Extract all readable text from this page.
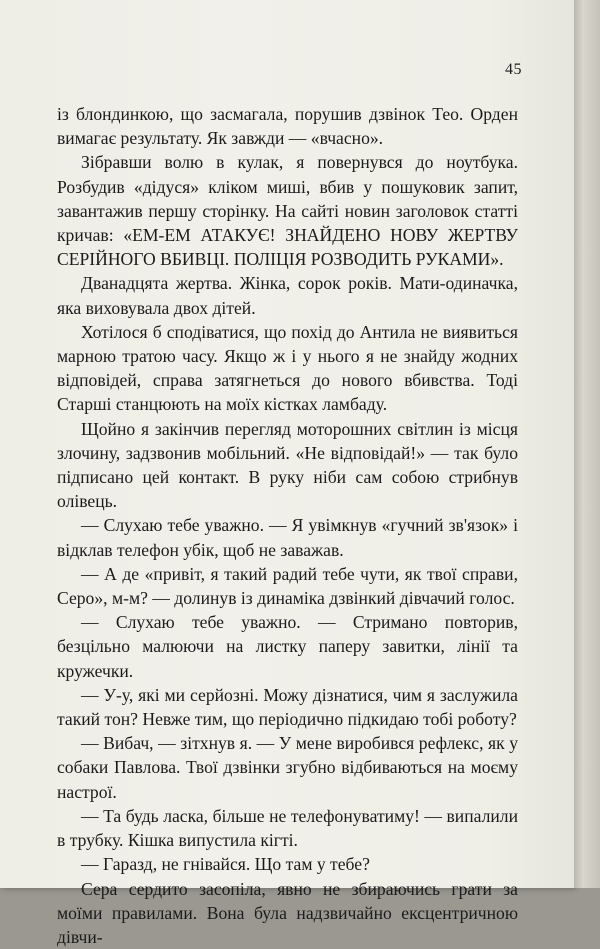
45

із блондинкою, що засмагала, порушив дзвінок Тео. Орден вимагає результату. Як завжди — «вчасно».

Зібравши волю в кулак, я повернувся до ноутбука. Розбудив «дідуся» кліком миші, вбив у пошуковик запит, завантажив першу сторінку. На сайті новин заголовок статті кричав: «ЕМ-ЕМ АТАКУЄ! ЗНАЙДЕНО НОВУ ЖЕРТВУ СЕРІЙНОГО ВБИВЦІ. ПОЛІЦІЯ РОЗВОДИТЬ РУКАМИ».

Дванадцята жертва. Жінка, сорок років. Мати-одиначка, яка виховувала двох дітей.

Хотілося б сподіватися, що похід до Антила не виявиться марною тратою часу. Якщо ж і у нього я не знайду жодних відповідей, справа затягнеться до нового вбивства. Тоді Старші станцюють на моїх кістках ламбаду.

Щойно я закінчив перегляд моторошних світлин із місця злочину, задзвонив мобільний. «Не відповідай!» — так було підписано цей контакт. В руку ніби сам собою стрибнув олівець.

— Слухаю тебе уважно. — Я увімкнув «гучний зв'язок» і відклав телефон убік, щоб не заважав.

— А де «привіт, я такий радий тебе чути, як твої справи, Серо», м-м? — долинув із динаміка дзвінкий дівчачий голос.

— Слухаю тебе уважно. — Стримано повторив, безцільно малюючи на листку паперу завитки, лінії та кружечки.

— У-у, які ми серйозні. Можу дізнатися, чим я заслужила такий тон? Невже тим, що періодично підкидаю тобі роботу?

— Вибач, — зітхнув я. — У мене виробився рефлекс, як у собаки Павлова. Твої дзвінки згубно відбиваються на моєму настрої.

— Та будь ласка, більше не телефонуватиму! — випалили в трубку. Кішка випустила кігті.

— Гаразд, не гнівайся. Що там у тебе?

Сера сердито засопіла, явно не збираючись грати за моїми правилами. Вона була надзвичайно ексцентричною дівчи-
